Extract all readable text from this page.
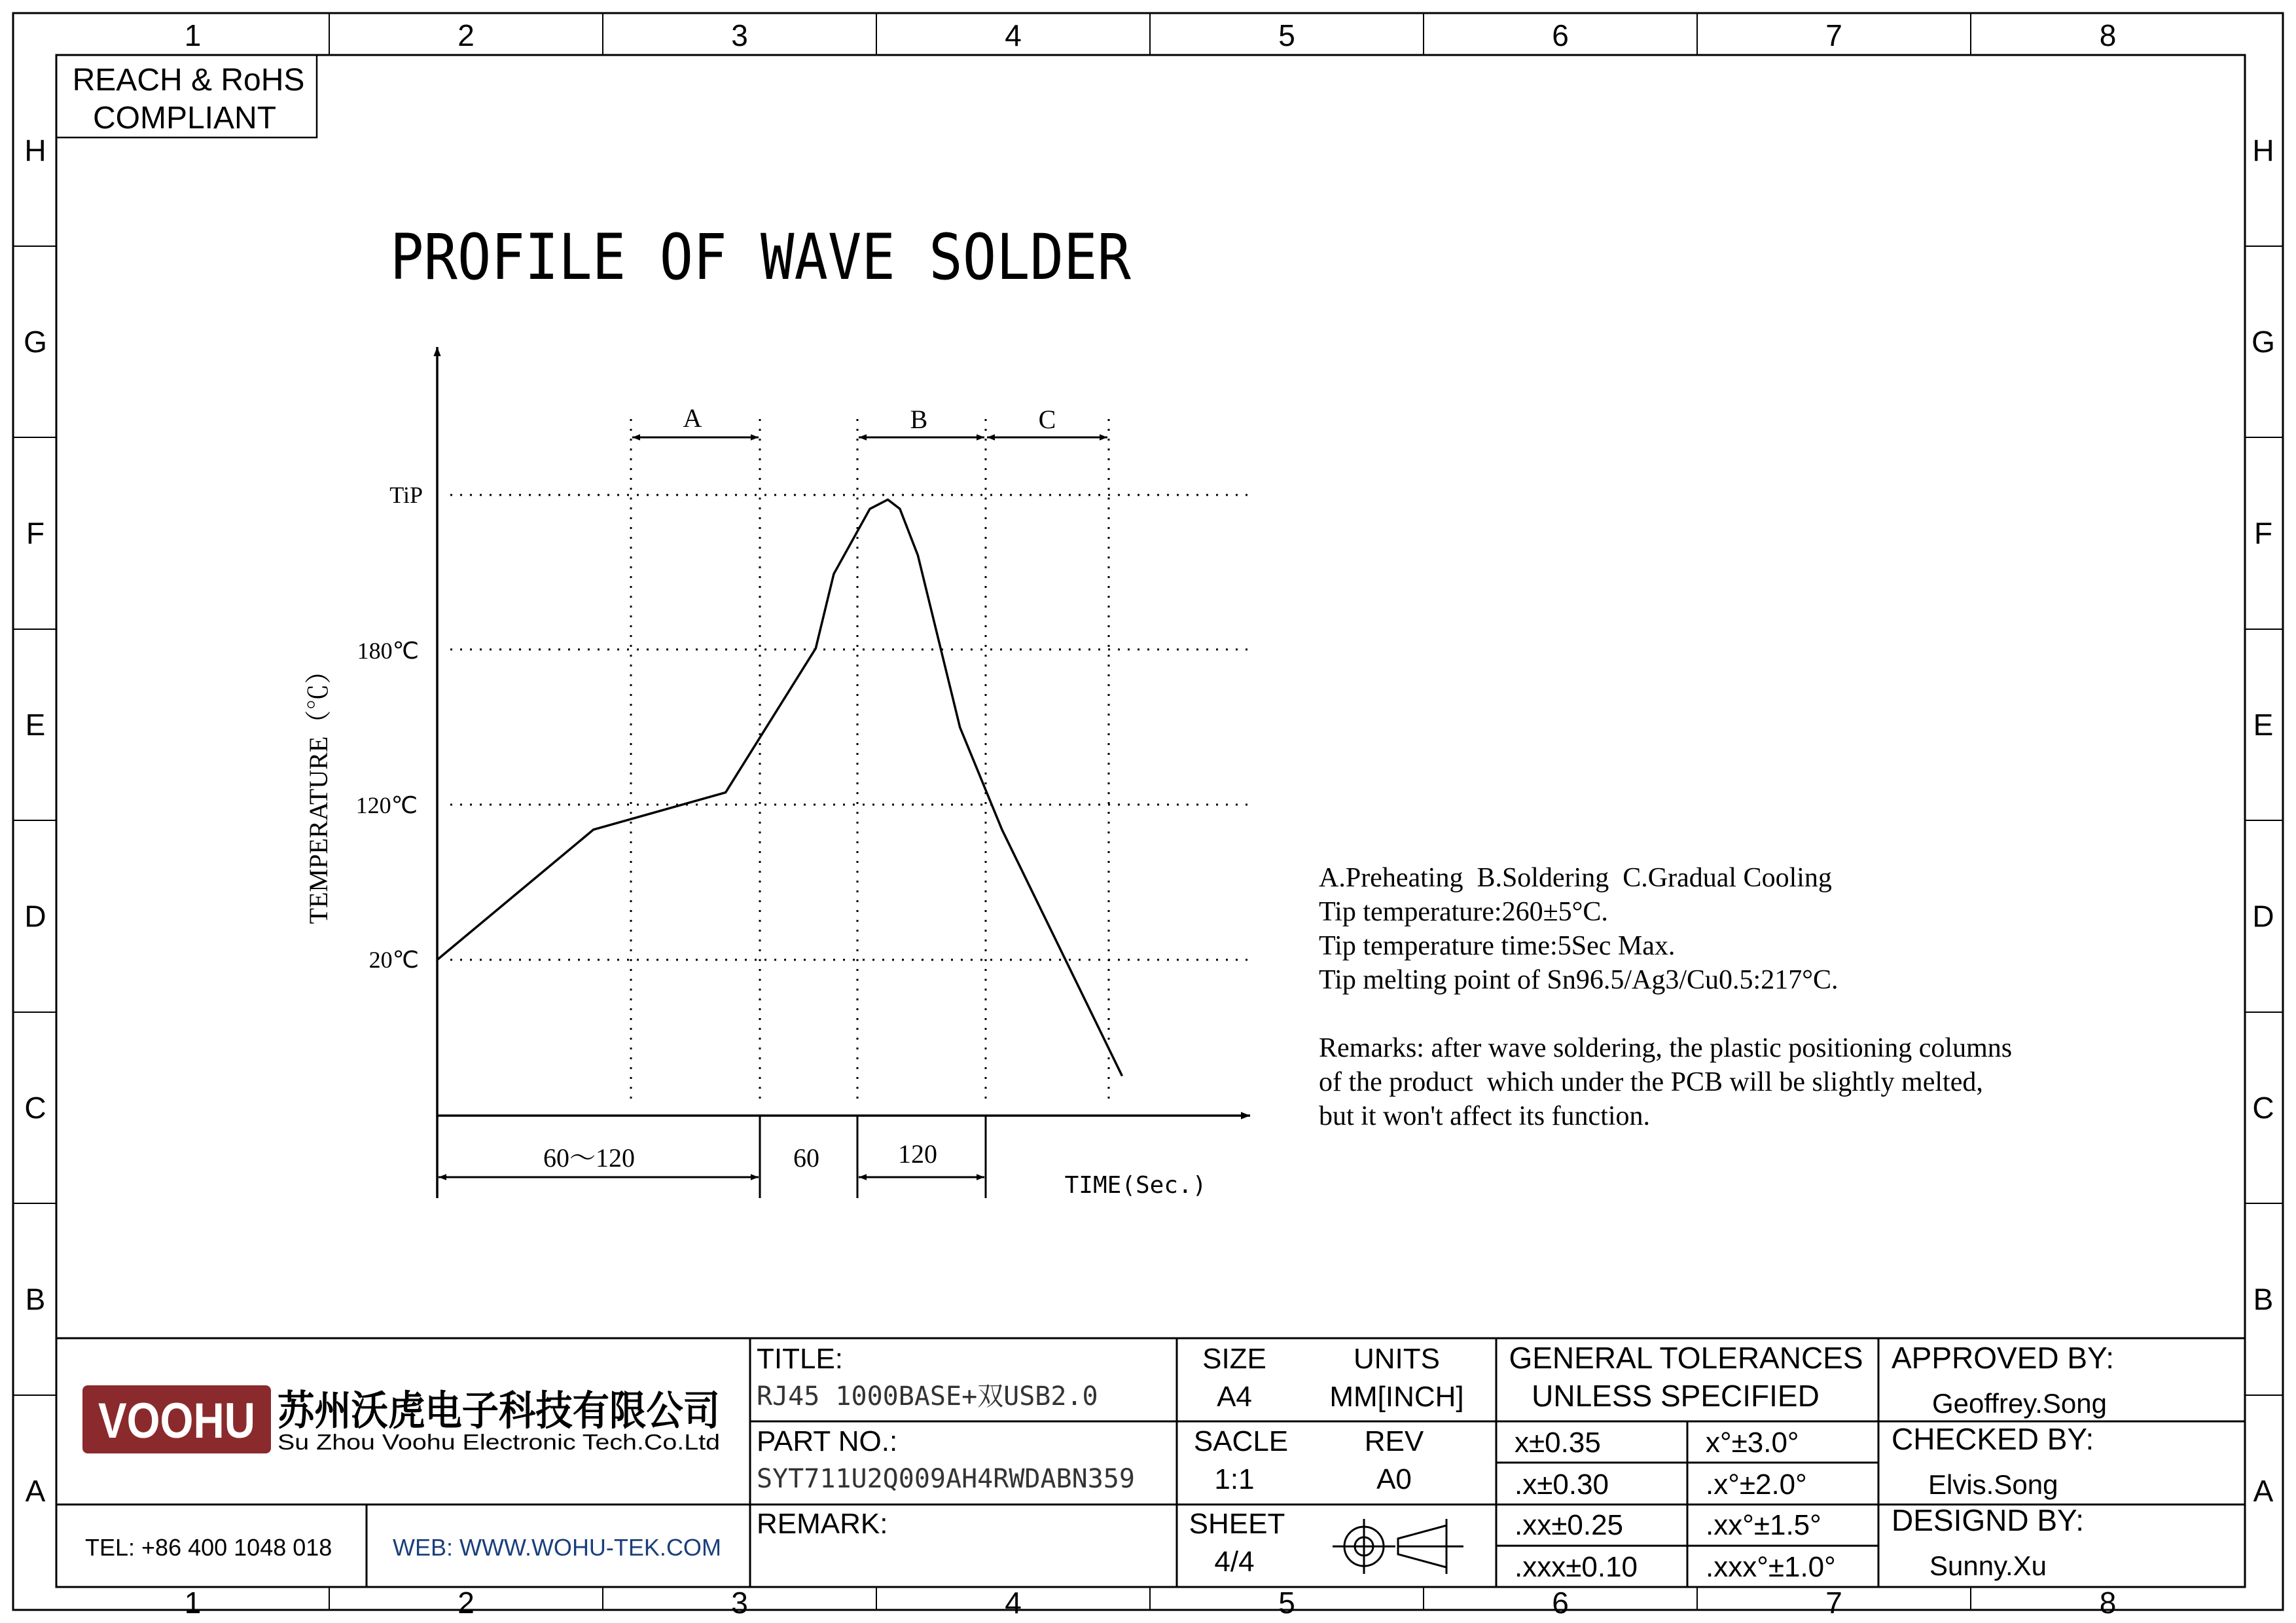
1
1
2
2
3
3
4
4
5
5
6
6
7
7
8
8
H	H
G	G
F	F
E	E
D	D
C	C
B	B
A	A
REACH & RoHS
COMPLIANT
PROFILE OF WAVE SOLDER
A	B	C
TiP
180℃
120℃
20℃
TEMPERATURE（℃）
60～120	60	120
TIME(Sec.)
A.Preheating  B.Soldering  C.Gradual Cooling
Tip temperature:260±5°C.
Tip temperature time:5Sec Max.
Tip melting point of Sn96.5/Ag3/Cu0.5:217°C.
Remarks: after wave soldering, the plastic positioning columns
of the product  which under the PCB will be slightly melted,
but it won't affect its function.
VOOHU 苏州沃虎电子科技有限公司
Su Zhou Voohu Electronic Tech.Co.Ltd
TEL: +86 400 1048 018	WEB: WWW.WOHU-TEK.COM
TITLE:
RJ45 1000BASE+双USB2.0
PART NO.:
SYT711U2Q009AH4RWDABN359
REMARK:
SIZE
A4
UNITS
MM[INCH]
SACLE
1:1
REV
A0
SHEET
4/4
GENERAL TOLERANCES
UNLESS SPECIFIED
x±0.35	x°±3.0°
.x±0.30	.x°±2.0°
.xx±0.25	.xx°±1.5°
.xxx±0.10 .xxx°±1.0°
APPROVED BY:
Geoffrey.Song
CHECKED BY:
Elvis.Song
DESIGND BY:
Sunny.Xu
